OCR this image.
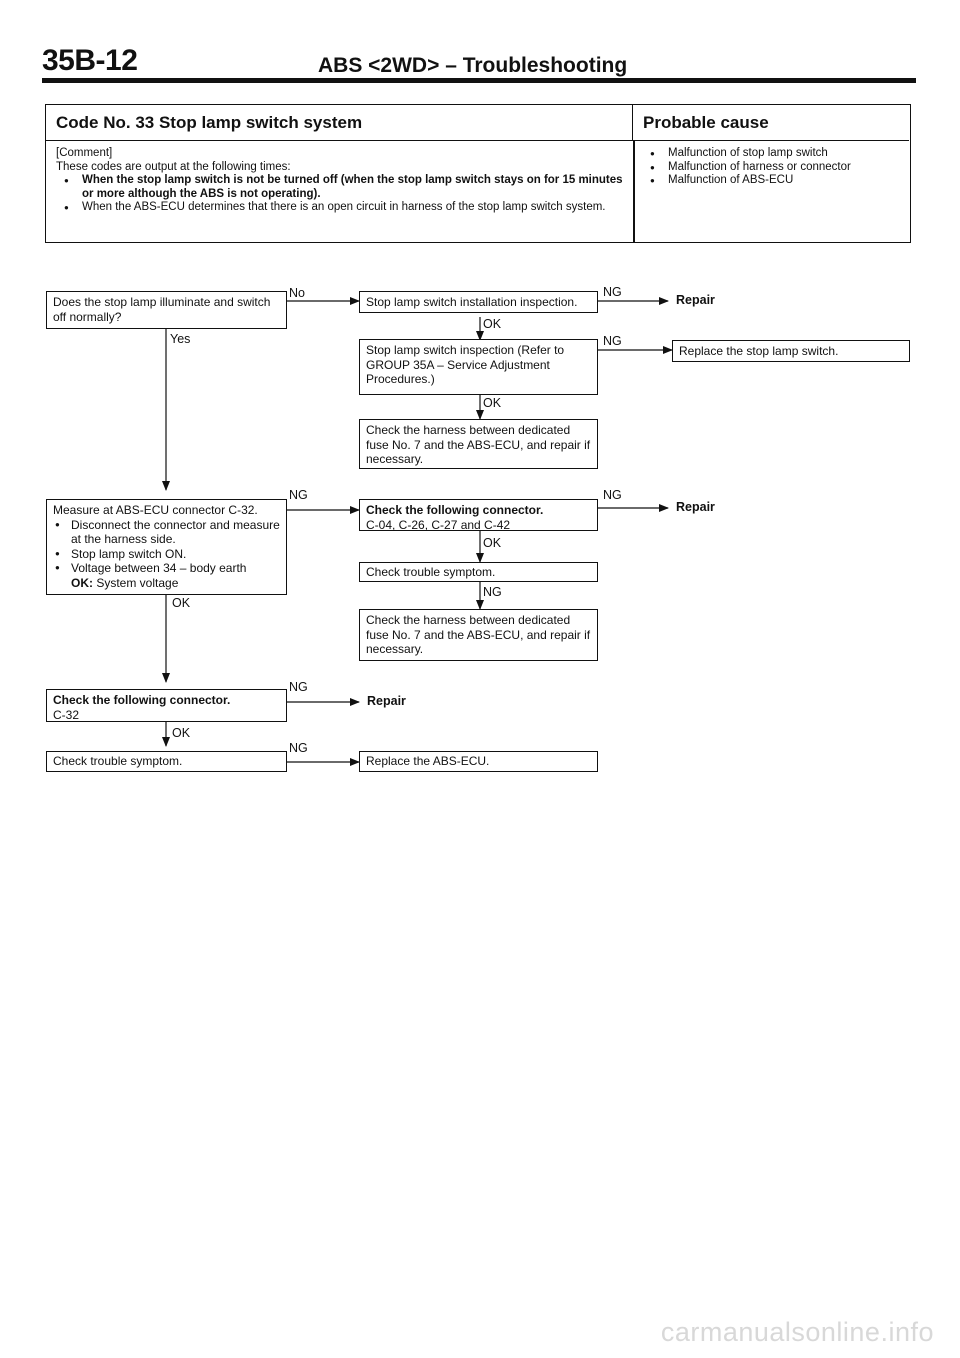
35B-12	ABS <2WD> – Troubleshooting
Code No. 33 Stop lamp switch system	Probable cause
[Comment]
These codes are output at the following times:
● When the stop lamp switch is not be turned off (when the stop lamp switch stays on for 15 minutes or more although the ABS is not operating).
● When the ABS-ECU determines that there is an open circuit in harness of the stop lamp switch system.
● Malfunction of stop lamp switch
● Malfunction of harness or connector
● Malfunction of ABS-ECU
Does the stop lamp illuminate and switch off normally?
Stop lamp switch installation inspection.
Stop lamp switch inspection (Refer to GROUP 35A – Service Adjustment Procedures.)
Check the harness between dedicated fuse No. 7 and the ABS-ECU, and repair if necessary.
Replace the stop lamp switch.
Measure at ABS-ECU connector C-32.
● Disconnect the connector and measure at the harness side.
● Stop lamp switch ON.
● Voltage between 34 – body earth
OK: System voltage
Check the following connector.
C-04, C-26, C-27 and C-42
Check trouble symptom.
Check the harness between dedicated fuse No. 7 and the ABS-ECU, and repair if necessary.
Check the following connector.
C-32
Check trouble symptom.	Replace the ABS-ECU.
Repair
Repair
Repair
No
Yes
NG
OK
NG
OK
NG	NG
OK
NG
OK
NG
OK
NG
carmanualsonline.info
